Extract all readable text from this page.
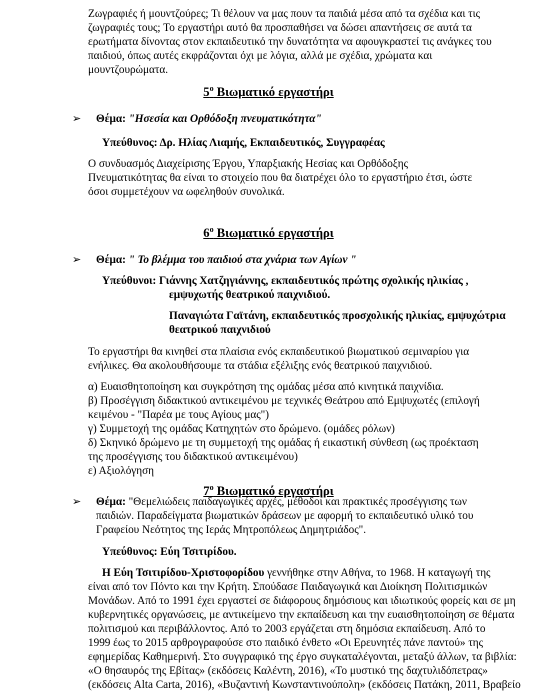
Ζωγραφιές ή μουντζούρες; Τι θέλουν να μας πουν τα παιδιά μέσα από τα σχέδια και τις
ζωγραφιές τους; Το εργαστήρι αυτό θα προσπαθήσει να δώσει απαντήσεις σε αυτά τα
ερωτήματα δίνοντας στον εκπαιδευτικό την δυνατότητα να αφουγκραστεί τις ανάγκες του
παιδιού, όπως αυτές εκφράζονται όχι με λόγια, αλλά με σχέδια, χρώματα και
μουντζουρώματα.
$5^o$ Βιωματικό εργαστήρι
➢ Θέμα: "Ησεσία και Ορθόδοξη πνευματικότητα"
Υπεύθυνος: Δρ. Ηλίας Λιαμής, Εκπαιδευτικός, Συγγραφέας
Ο συνδυασμός Διαχείρισης Έργου, Υπαρξιακής Ηεσίας και Ορθόδοξης
Πνευματικότητας θα είναι το στοιχείο που θα διατρέχει όλο το εργαστήριο έτσι, ώστε
όσοι συμμετέχουν να ωφεληθούν συνολικά.
$6^o$ Βιωματικό εργαστήρι
➢ Θέμα: " Το βλέμμα του παιδιού στα χνάρια των Αγίων "
Υπεύθυνοι: Γιάννης Χατζηγιάννης, εκπαιδευτικός πρώτης σχολικής ηλικίας ,
εμψυχωτής θεατρικού παιχνιδιού.
Παναγιώτα Γαϊτάνη, εκπαιδευτικός προσχολικής ηλικίας, εμψυχώτρια
θεατρικού παιχνιδιού
Το εργαστήρι θα κινηθεί στα πλαίσια ενός εκπαιδευτικού βιωματικού σεμιναρίου για
ενήλικες. Θα ακολουθήσουμε τα στάδια εξέλιξης ενός θεατρικού παιχνιδιού.
α) Ευαισθητοποίηση και συγκρότηση της ομάδας μέσα από κινητικά παιχνίδια.
β) Προσέγγιση διδακτικού αντικειμένου με τεχνικές Θεάτρου από Εμψυχωτές (επιλογή
κειμένου - "Παρέα με τους Αγίους μας")
γ) Συμμετοχή της ομάδας Κατηχητών στο δρώμενο. (ομάδες ρόλων)
δ) Σκηνικό δρώμενο με τη συμμετοχή της ομάδας ή εικαστική σύνθεση (ως προέκταση
της προσέγγισης του διδακτικού αντικειμένου)
ε) Αξιολόγηση
$7^o$ Βιωματικό εργαστήρι
➢ Θέμα: "Θεμελιώδεις παιδαγωγικές αρχές, μέθοδοι και πρακτικές προσέγγισης των
παιδιών. Παραδείγματα βιωματικών δράσεων με αφορμή το εκπαιδευτικό υλικό του
Γραφείου Νεότητος της Ιεράς Μητροπόλεως Δημητριάδος".
Υπεύθυνος: Εύη Τσιτιρίδου.
Η Εύη Τσιτιρίδου-Χριστοφορίδου γεννήθηκε στην Αθήνα, το 1968. Η καταγωγή της
είναι από τον Πόντο και την Κρήτη. Σπούδασε Παιδαγωγικά και Διοίκηση Πολιτισμικών
Μονάδων. Από το 1991 έχει εργαστεί σε διάφορους δημόσιους και ιδιωτικούς φορείς και σε μη
κυβερνητικές οργανώσεις, με αντικείμενο την εκπαίδευση και την ευαισθητοποίηση σε θέματα
πολιτισμού και περιβάλλοντος. Από το 2003 εργάζεται στη δημόσια εκπαίδευση. Από το
1999 έως το 2015 αρθρογραφούσε στο παιδικό ένθετο «Οι Ερευνητές πάνε παντού» της
εφημερίδας Καθημερινή. Στο συγγραφικό της έργο συγκαταλέγονται, μεταξύ άλλων, τα βιβλία:
«Ο θησαυρός της Εβίτας» (εκδόσεις Καλέντη, 2016), «Το μυστικό της δαχτυλιδόπετρας»
(εκδόσεις Alta Carta, 2016), «Βυζαντινή Κωνσταντινούπολη» (εκδόσεις Πατάκη, 2011, Βραβείο
